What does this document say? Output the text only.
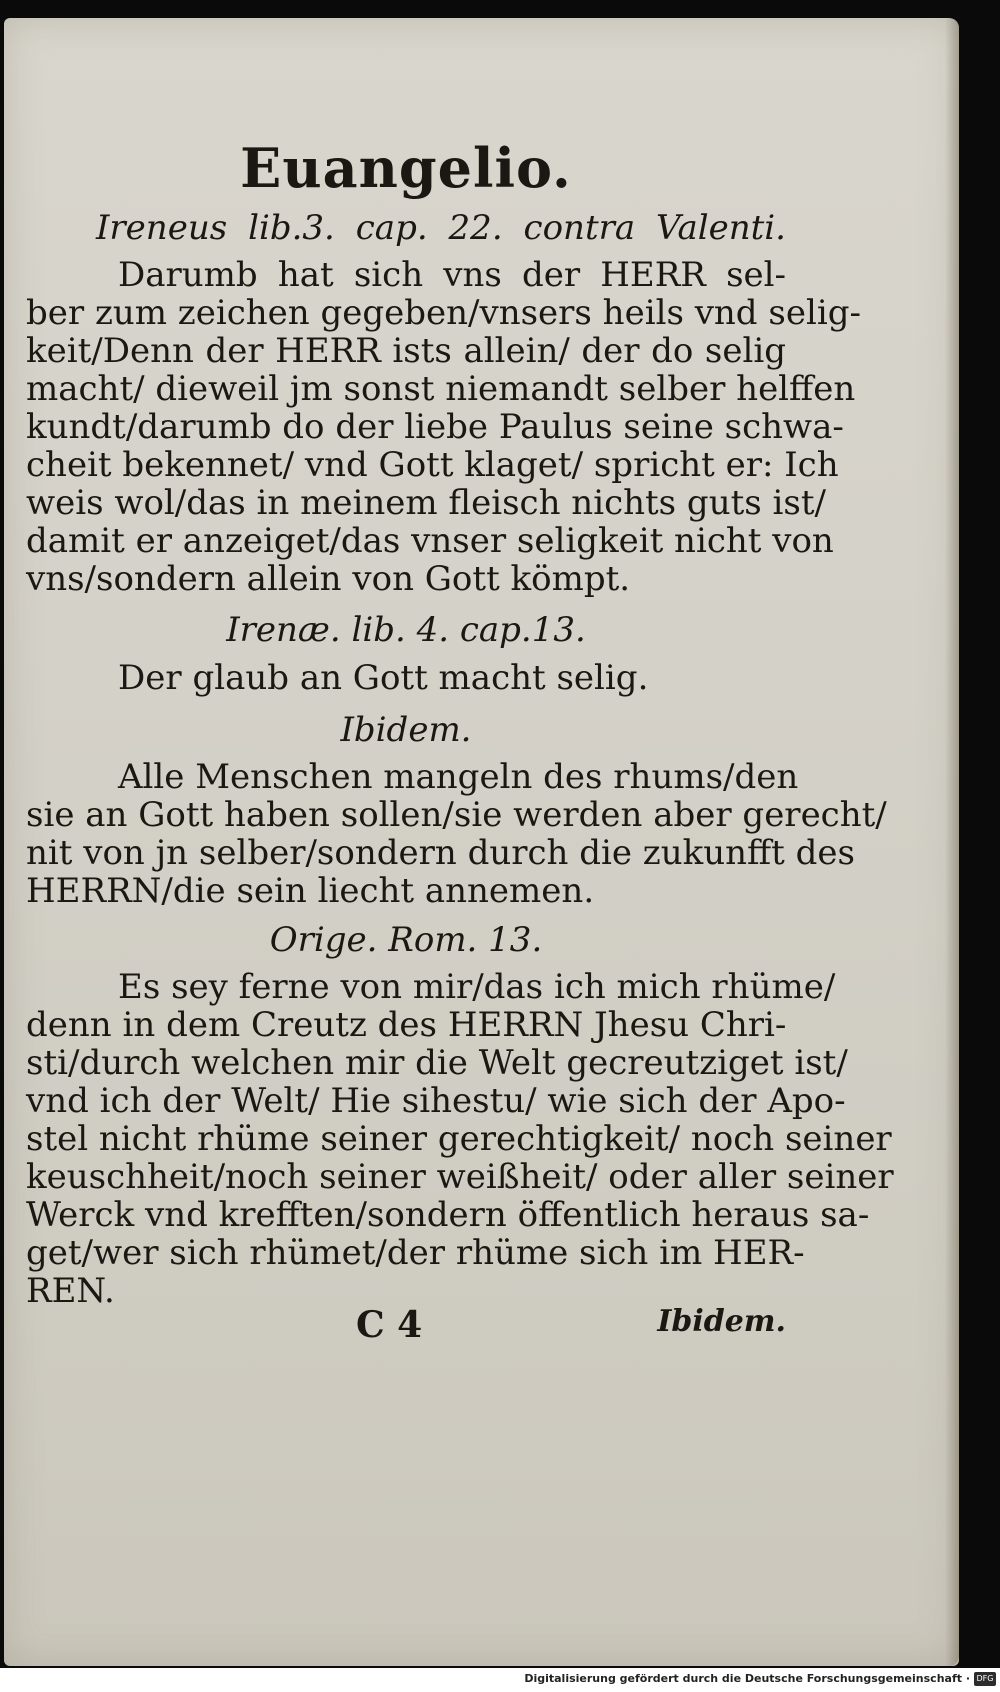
Euangelio.
Ireneus lib.3. cap. 22. contra Valenti.
Darumb hat sich vns der HERR sel-
ber zum zeichen gegeben/vnsers heils vnd selig-
keit/Denn der HERR ists allein/ der do selig
macht/ dieweil jm sonst niemandt selber helffen
kundt/darumb do der liebe Paulus seine schwa-
cheit bekennet/ vnd Gott klaget/ spricht er: Ich
weis wol/das in meinem fleisch nichts guts ist/
damit er anzeiget/das vnser seligkeit nicht von
vns/sondern allein von Gott kömpt.
Irenæ. lib. 4. cap.13.
Der glaub an Gott macht selig.
Ibidem.
Alle Menschen mangeln des rhums/den
sie an Gott haben sollen/sie werden aber gerecht/
nit von jn selber/sondern durch die zukunfft des
HERRN/die sein liecht annemen.
Orige. Rom. 13.
Es sey ferne von mir/das ich mich rhüme/
denn in dem Creutz des HERRN Jhesu Chri-
sti/durch welchen mir die Welt gecreutziget ist/
vnd ich der Welt/ Hie sihestu/ wie sich der Apo-
stel nicht rhüme seiner gerechtigkeit/ noch seiner
keuschheit/noch seiner weißheit/ oder aller seiner
Werck vnd krefften/sondern öffentlich heraus sa-
get/wer sich rhümet/der rhüme sich im HER-
REN.
C 4	Ibidem.
Digitalisierung gefördert durch die Deutsche Forschungsgemeinschaft · DFG
